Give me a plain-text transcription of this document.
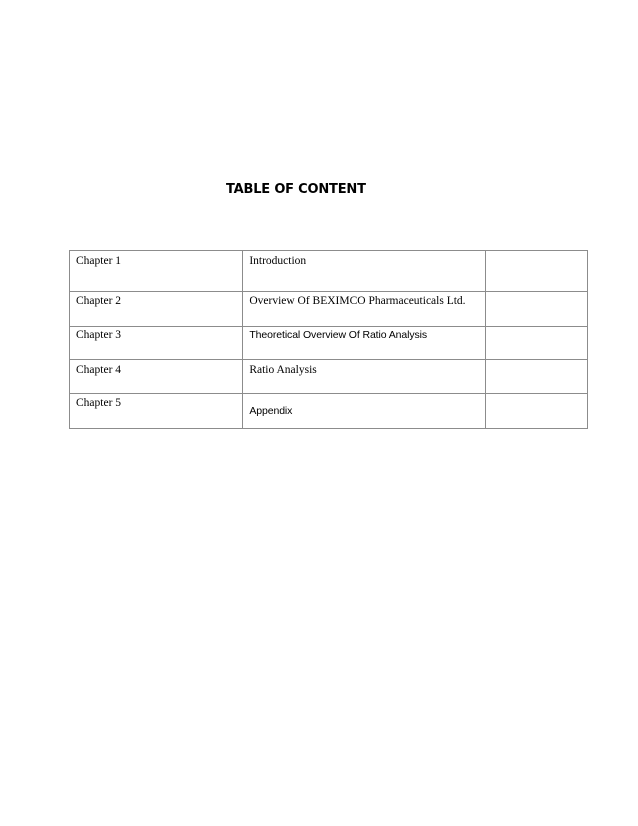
TABLE OF CONTENT
Chapter 1	Introduction	
Chapter 2	Overview Of BEXIMCO Pharmaceuticals Ltd.	
Chapter 3	Theoretical Overview Of Ratio Analysis	
Chapter 4	Ratio Analysis	
Chapter 5	Appendix	
